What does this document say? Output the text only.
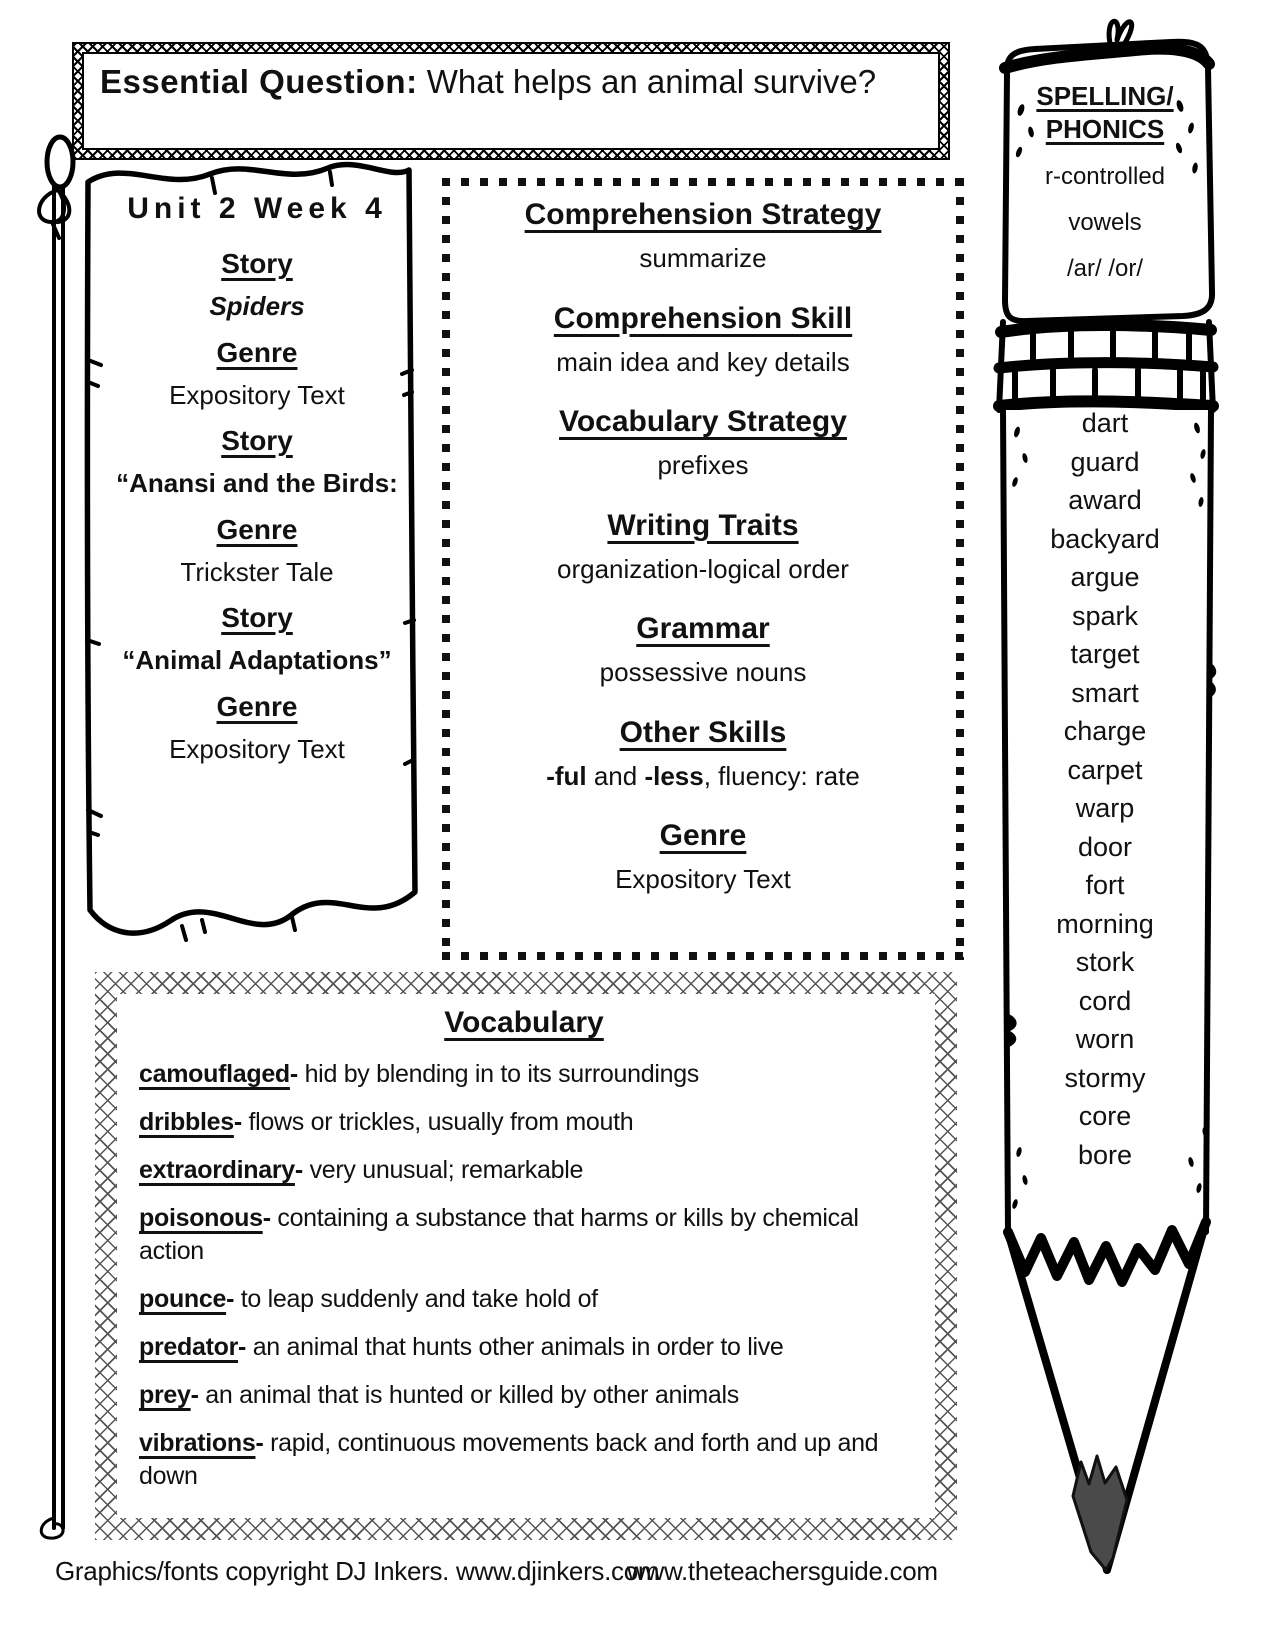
Essential Question: What helps an animal survive?
Unit 2 Week 4
Story
Spiders
Genre
Expository Text
Story
“Anansi and the Birds:
Genre
Trickster Tale
Story
“Animal Adaptations”
Genre
Expository Text
Comprehension Strategy
summarize
Comprehension Skill
main idea and key details
Vocabulary Strategy
prefixes
Writing Traits
organization-logical order
Grammar
possessive nouns
Other Skills
-ful and -less, fluency: rate
Genre
Expository Text
Vocabulary
camouflaged- hid by blending in to its surroundings
dribbles- flows or trickles, usually from mouth
extraordinary- very unusual; remarkable
poisonous- containing a substance that harms or kills by chemical action
pounce- to leap suddenly and take hold of
predator- an animal that hunts other animals in order to live
prey- an animal that is hunted or killed by other animals
vibrations- rapid, continuous movements back and forth and up and down
SPELLING/
PHONICS
r-controlled
vowels
/ar/ /or/
dart
guard
award
backyard
argue
spark
target
smart
charge
carpet
warp
door
fort
morning
stork
cord
worn
stormy
core
bore
Graphics/fonts copyright DJ Inkers. www.djinkers.com
www.theteachersguide.com
